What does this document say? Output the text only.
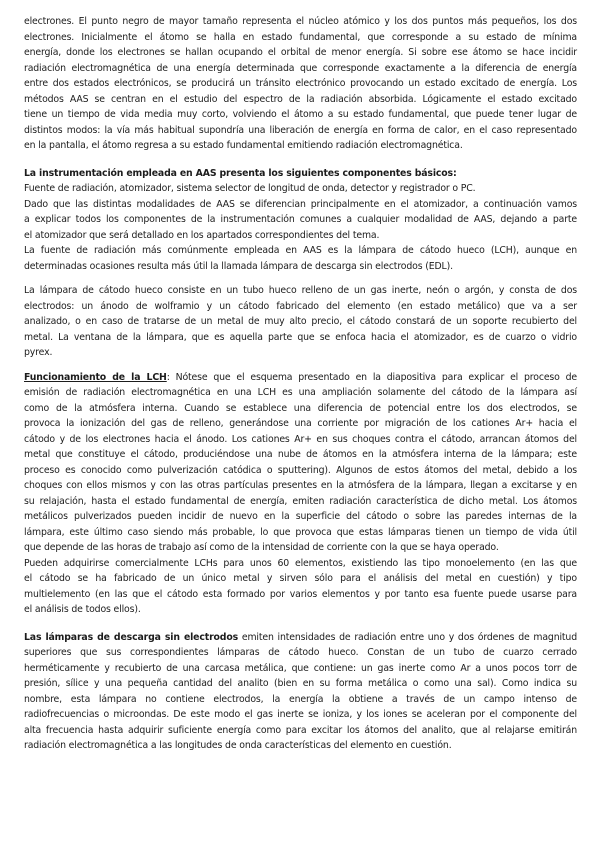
electrones. El punto negro de mayor tamaño representa el núcleo atómico y los dos puntos más pequeños, los dos
electrones. Inicialmente el átomo se halla en estado fundamental, que corresponde a su estado de mínima
energía, donde los electrones se hallan ocupando el orbital de menor energía. Si sobre ese átomo se hace incidir
radiación electromagnética de una energía determinada que corresponde exactamente a la diferencia de energía
entre dos estados electrónicos, se producirá un tránsito electrónico provocando un estado excitado de energía. Los
métodos AAS se centran en el estudio del espectro de la radiación absorbida. Lógicamente el estado excitado
tiene un tiempo de vida media muy corto, volviendo el átomo a su estado fundamental, que puede tener lugar de
distintos modos: la vía más habitual supondría una liberación de energía en forma de calor, en el caso representado
en la pantalla, el átomo regresa a su estado fundamental emitiendo radiación electromagnética.

La instrumentación empleada en AAS presenta los siguientes componentes básicos:
Fuente de radiación, atomizador, sistema selector de longitud de onda, detector y registrador o PC.
Dado que las distintas modalidades de AAS se diferencian principalmente en el atomizador, a continuación vamos
a explicar todos los componentes de la instrumentación comunes a cualquier modalidad de AAS, dejando a parte
el atomizador que será detallado en los apartados correspondientes del tema.
La fuente de radiación más comúnmente empleada en AAS es la lámpara de cátodo hueco (LCH), aunque en
determinadas ocasiones resulta más útil la llamada lámpara de descarga sin electrodos (EDL).

La lámpara de cátodo hueco consiste en un tubo hueco relleno de un gas inerte, neón o argón, y consta de dos
electrodos: un ánodo de wolframio y un cátodo fabricado del elemento (en estado metálico) que va a ser
analizado, o en caso de tratarse de un metal de muy alto precio, el cátodo constará de un soporte recubierto del
metal. La ventana de la lámpara, que es aquella parte que se enfoca hacia el atomizador, es de cuarzo o vidrio
pyrex.

Funcionamiento de la LCH: Nótese que el esquema presentado en la diapositiva para explicar el proceso de
emisión de radiación electromagnética en una LCH es una ampliación solamente del cátodo de la lámpara así
como de la atmósfera interna. Cuando se establece una diferencia de potencial entre los dos electrodos, se
provoca la ionización del gas de relleno, generándose una corriente por migración de los cationes Ar+ hacia el
cátodo y de los electrones hacia el ánodo. Los cationes Ar+ en sus choques contra el cátodo, arrancan átomos del
metal que constituye el cátodo, produciéndose una nube de átomos en la atmósfera interna de la lámpara; este
proceso es conocido como pulverización catódica o sputtering). Algunos de estos átomos del metal, debido a los
choques con ellos mismos y con las otras partículas presentes en la atmósfera de la lámpara, llegan a excitarse y en
su relajación, hasta el estado fundamental de energía, emiten radiación característica de dicho metal. Los átomos
metálicos pulverizados pueden incidir de nuevo en la superficie del cátodo o sobre las paredes internas de la
lámpara, este último caso siendo más probable, lo que provoca que estas lámparas tienen un tiempo de vida útil
que depende de las horas de trabajo así como de la intensidad de corriente con la que se haya operado.
Pueden adquirirse comercialmente LCHs para unos 60 elementos, existiendo las tipo monoelemento (en las que
el cátodo se ha fabricado de un único metal y sirven sólo para el análisis del metal en cuestión) y tipo
multielemento (en las que el cátodo esta formado por varios elementos y por tanto esa fuente puede usarse para
el análisis de todos ellos).

Las lámparas de descarga sin electrodos emiten intensidades de radiación entre uno y dos órdenes de magnitud
superiores que sus correspondientes lámparas de cátodo hueco. Constan de un tubo de cuarzo cerrado
herméticamente y recubierto de una carcasa metálica, que contiene: un gas inerte como Ar a unos pocos torr de
presión, sílice y una pequeña cantidad del analito (bien en su forma metálica o como una sal). Como indica su
nombre, esta lámpara no contiene electrodos, la energía la obtiene a través de un campo intenso de
radiofrecuencias o microondas. De este modo el gas inerte se ioniza, y los iones se aceleran por el componente del
alta frecuencia hasta adquirir suficiente energía como para excitar los átomos del analito, que al relajarse emitirán
radiación electromagnética a las longitudes de onda características del elemento en cuestión.
